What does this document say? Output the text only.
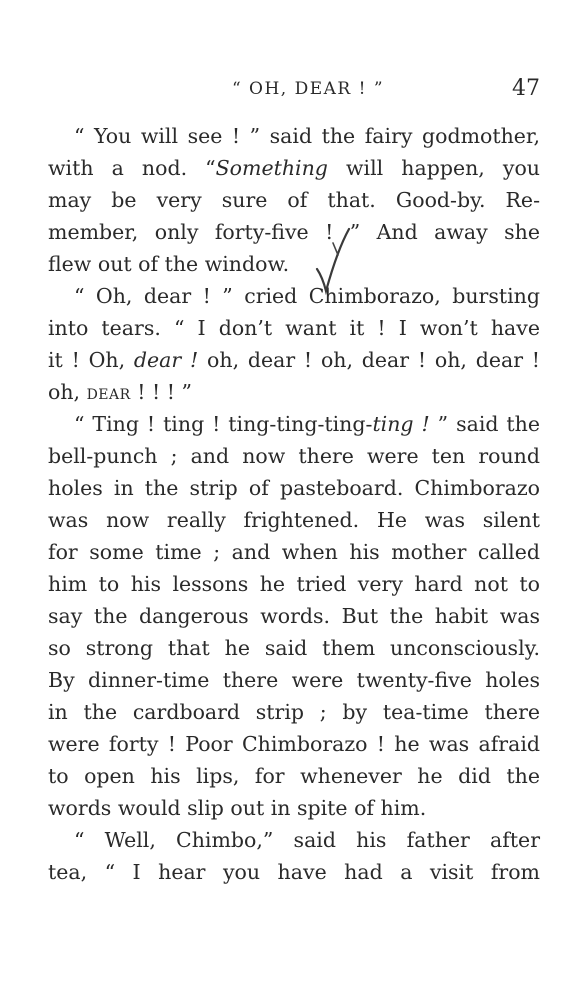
“ OH, DEAR ! ”	47
“ You will see ! ” said the fairy godmother,
with a nod. “Something will happen, you
may be very sure of that. Good-by. Re-
member, only forty-five ! ” And away she
flew out of the window.
“ Oh, dear ! ” cried Chimborazo, bursting
into tears. “ I don’t want it ! I won’t have
it ! Oh, dear ! oh, dear ! oh, dear ! oh, dear !
oh, dear ! ! ! ”
“ Ting ! ting ! ting-ting-ting-ting ! ” said the
bell-punch ; and now there were ten round
holes in the strip of pasteboard. Chimborazo
was now really frightened. He was silent
for some time ; and when his mother called
him to his lessons he tried very hard not to
say the dangerous words. But the habit was
so strong that he said them unconsciously.
By dinner-time there were twenty-five holes
in the cardboard strip ; by tea-time there
were forty ! Poor Chimborazo ! he was afraid
to open his lips, for whenever he did the
words would slip out in spite of him.
“ Well, Chimbo,” said his father after
tea, “ I hear you have had a visit from
